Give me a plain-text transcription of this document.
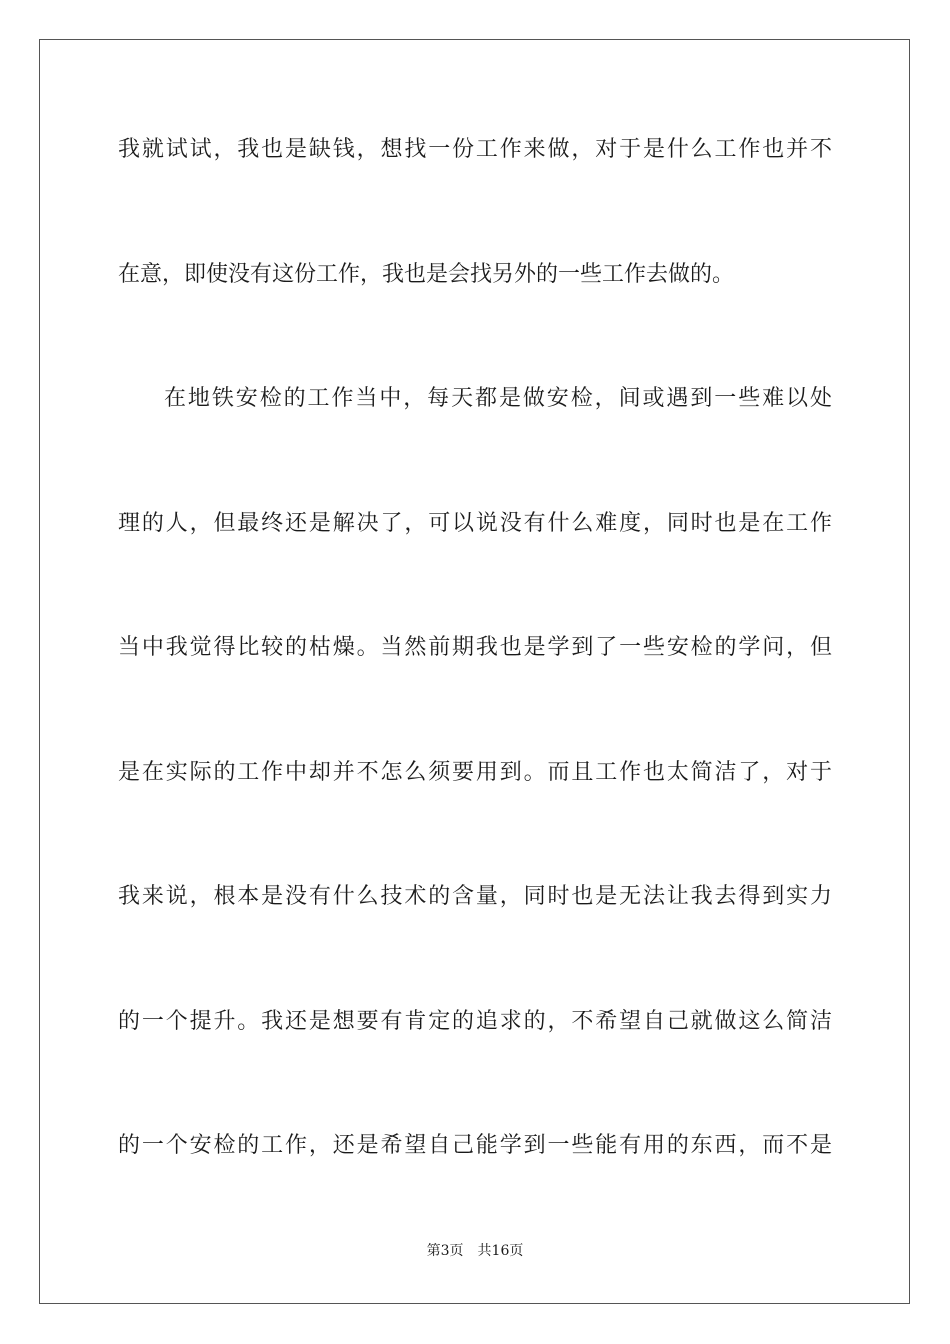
我就试试，我也是缺钱，想找一份工作来做，对于是什么工作也并不
在意，即使没有这份工作，我也是会找另外的一些工作去做的。
在地铁安检的工作当中，每天都是做安检，间或遇到一些难以处
理的人，但最终还是解决了，可以说没有什么难度，同时也是在工作
当中我觉得比较的枯燥。当然前期我也是学到了一些安检的学问，但
是在实际的工作中却并不怎么须要用到。而且工作也太简洁了，对于
我来说，根本是没有什么技术的含量，同时也是无法让我去得到实力
的一个提升。我还是想要有肯定的追求的，不希望自己就做这么简洁
的一个安检的工作，还是希望自己能学到一些能有用的东西，而不是
第3页　共16页
